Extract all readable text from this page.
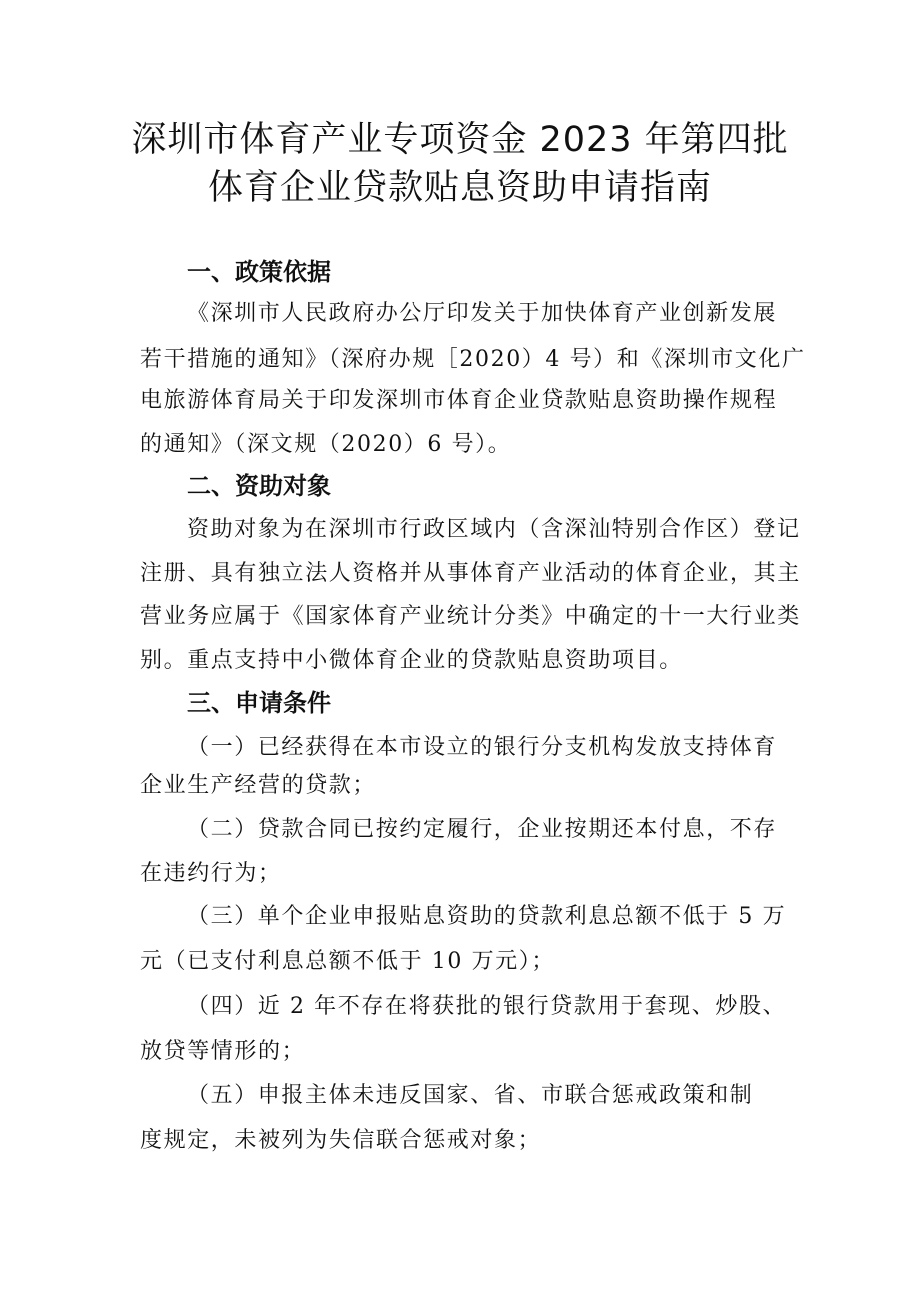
深圳市体育产业专项资金 2023 年第四批
体育企业贷款贴息资助申请指南
一、政策依据
《深圳市人民政府办公厅印发关于加快体育产业创新发展
若干措施的通知》（深府办规［2020）4 号）和《深圳市文化广
电旅游体育局关于印发深圳市体育企业贷款贴息资助操作规程
的通知》（深文规（2020）6 号）。
二、资助对象
资助对象为在深圳市行政区域内（含深汕特别合作区）登记
注册、具有独立法人资格并从事体育产业活动的体育企业，其主
营业务应属于《国家体育产业统计分类》中确定的十一大行业类
别。重点支持中小微体育企业的贷款贴息资助项目。
三、申请条件
（一）已经获得在本市设立的银行分支机构发放支持体育
企业生产经营的贷款；
（二）贷款合同已按约定履行，企业按期还本付息，不存
在违约行为；
（三）单个企业申报贴息资助的贷款利息总额不低于 5 万
元（已支付利息总额不低于 10 万元）；
（四）近 2 年不存在将获批的银行贷款用于套现、炒股、
放贷等情形的；
（五）申报主体未违反国家、省、市联合惩戒政策和制
度规定，未被列为失信联合惩戒对象；
